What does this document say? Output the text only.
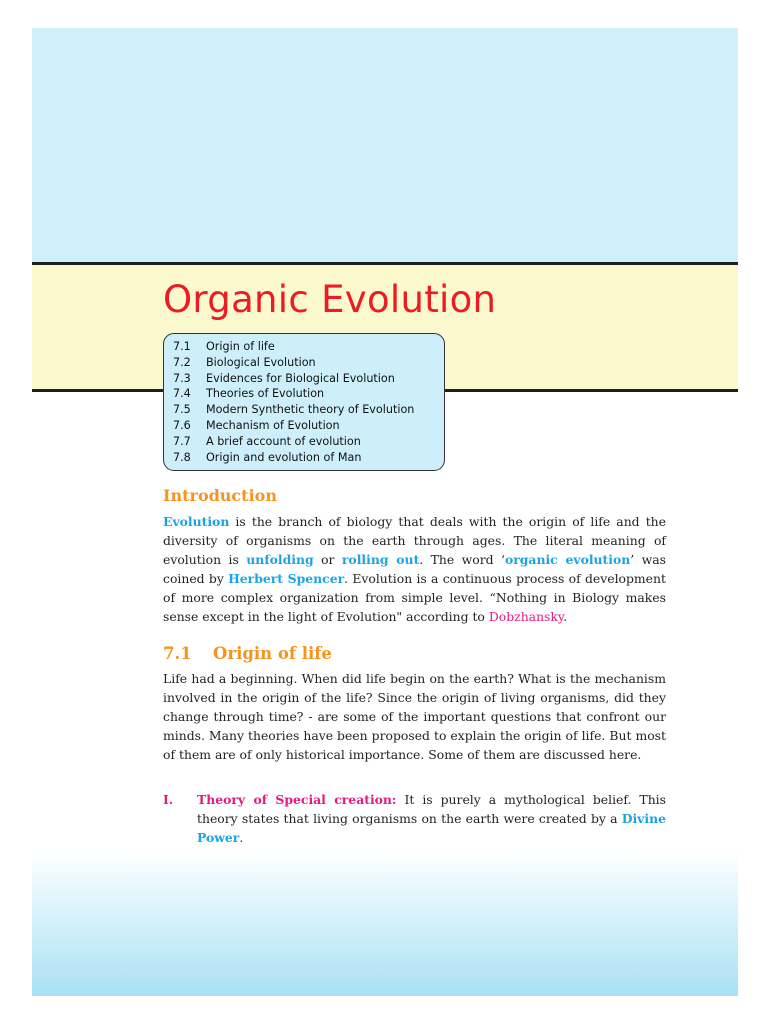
Organic Evolution
7.1	Origin of life
7.2	Biological Evolution
7.3	Evidences for Biological Evolution
7.4	Theories of Evolution
7.5	Modern Synthetic theory of Evolution
7.6	Mechanism of Evolution
7.7	A brief account of evolution
7.8	Origin and evolution of Man
Introduction

Evolution is the branch of biology that deals with the origin of life and the diversity of organisms on the earth through ages. The literal meaning of evolution is unfolding or rolling out. The word ‘organic evolution’ was coined by Herbert Spencer. Evolution is a continuous process of development of more complex organization from simple level. “Nothing in Biology makes sense except in the light of Evolution" according to Dobzhansky.

7.1 Origin of life

Life had a beginning. When did life begin on the earth? What is the mechanism involved in the origin of the life? Since the origin of living organisms, did they change through time? - are some of the important questions that confront our minds. Many theories have been proposed to explain the origin of life. But most of them are of only historical importance. Some of them are discussed here.

I. Theory of Special creation: It is purely a mythological belief. This theory states that living organisms on the earth were created by a Divine Power.
